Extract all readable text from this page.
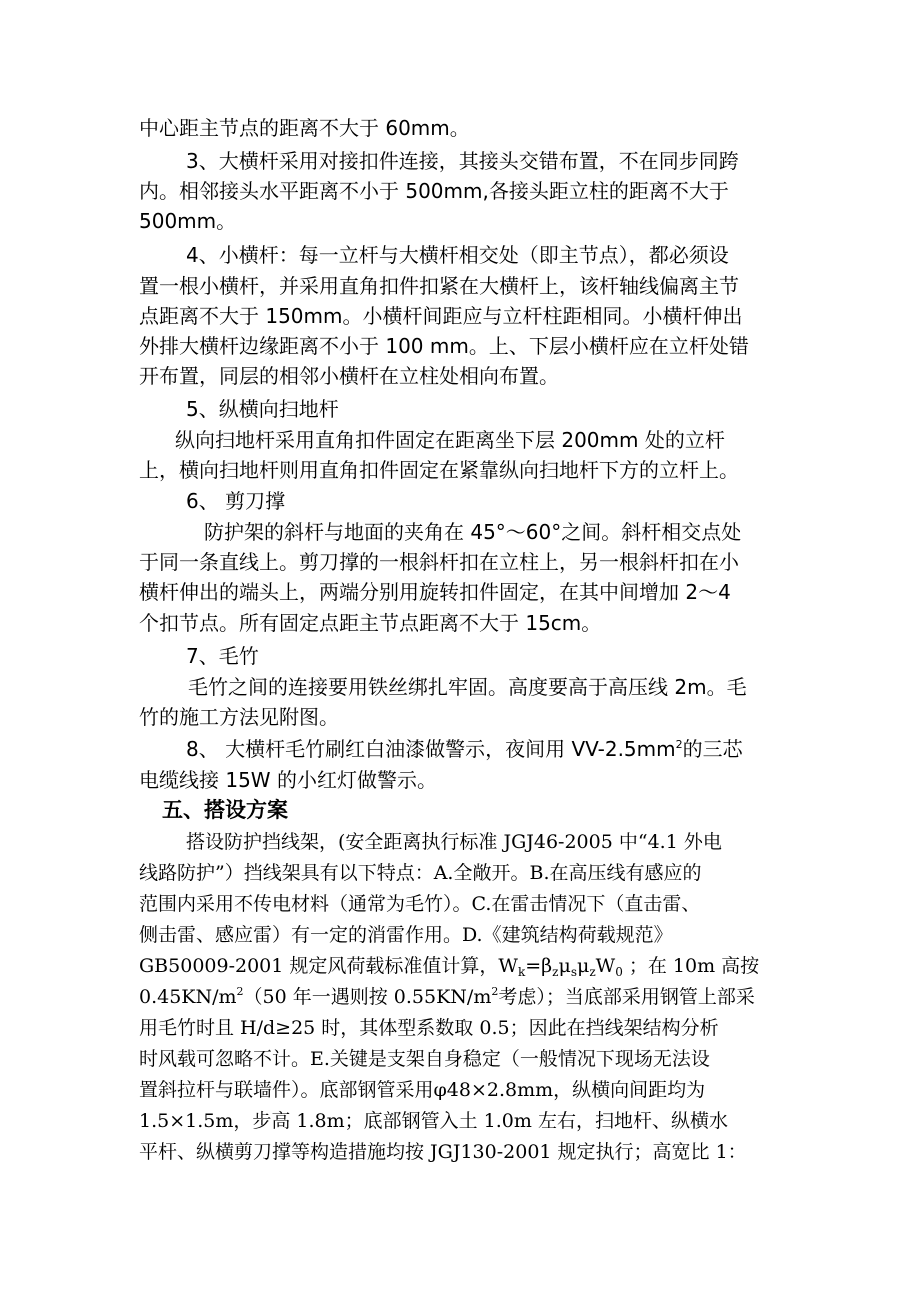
中心距主节点的距离不大于 60mm。
3、大横杆采用对接扣件连接，其接头交错布置，不在同步同跨
内。相邻接头水平距离不小于 500mm,各接头距立柱的距离不大于
500mm。
4、小横杆：每一立杆与大横杆相交处（即主节点），都必须设
置一根小横杆，并采用直角扣件扣紧在大横杆上，该杆轴线偏离主节
点距离不大于 150mm。小横杆间距应与立杆柱距相同。小横杆伸出
外排大横杆边缘距离不小于 100 mm。上、下层小横杆应在立杆处错
开布置，同层的相邻小横杆在立柱处相向布置。
5、纵横向扫地杆
纵向扫地杆采用直角扣件固定在距离坐下层 200mm 处的立杆
上，横向扫地杆则用直角扣件固定在紧靠纵向扫地杆下方的立杆上。
6、 剪刀撑
防护架的斜杆与地面的夹角在 45°～60°之间。斜杆相交点处
于同一条直线上。剪刀撑的一根斜杆扣在立柱上，另一根斜杆扣在小
横杆伸出的端头上，两端分别用旋转扣件固定，在其中间增加 2～4
个扣节点。所有固定点距主节点距离不大于 15cm。
7、毛竹
毛竹之间的连接要用铁丝绑扎牢固。高度要高于高压线 2m。毛
竹的施工方法见附图。
8、 大横杆毛竹刷红白油漆做警示，夜间用 $VV-2.5mm^2$的三芯
电缆线接 15W 的小红灯做警示。
五、搭设方案
搭设防护挡线架，(安全距离执行标准 JGJ46-2005 中“4.1 外电
线路防护”）挡线架具有以下特点：A.全敞开。B.在高压线有感应的
范围内采用不传电材料（通常为毛竹）。C.在雷击情况下（直击雷、
侧击雷、感应雷）有一定的消雷作用。D.《建筑结构荷载规范》
GB50009-2001 规定风荷载标准值计算，$W_k=\beta_z\mu_s\mu_zW_0$ ；在 10m 高按
$0.45KN/m^2(50$ 年一遇则按 $0.55KN/m^2$考虑）；当底部采用钢管上部采
用毛竹时且 H/d≥25 时，其体型系数取 0.5；因此在挡线架结构分析
时风载可忽略不计。E.关键是支架自身稳定（一般情况下现场无法设
置斜拉杆与联墙件）。底部钢管采用φ48×2.8mm，纵横向间距均为
1.5×1.5m，步高 1.8m；底部钢管入土 1.0m 左右，扫地杆、纵横水
平杆、纵横剪刀撑等构造措施均按 JGJ130-2001 规定执行；高宽比 1：
